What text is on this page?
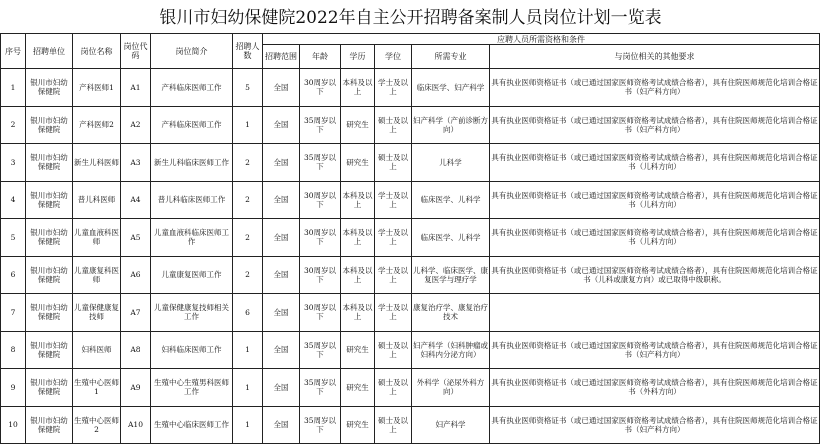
银川市妇幼保健院2022年自主公开招聘备案制人员岗位计划一览表
序号	招聘单位	岗位名称	岗位代码	岗位简介	招聘人数	应聘人员所需资格和条件					
						招聘范围	年龄	学历	学位	所需专业	与岗位相关的其他要求
1	银川市妇幼保健院	产科医师1	A1	产科临床医师工作	5	全国	30周岁以下	本科及以上	学士及以上	临床医学、妇产科学	具有执业医师资格证书（或已通过国家医师资格考试成绩合格者），具有住院医师规范化培训合格证书（妇产科方向）
2	银川市妇幼保健院	产科医师2	A2	产科临床医师工作	1	全国	35周岁以下	研究生	硕士及以上	妇产科学（产前诊断方向）	具有执业医师资格证书（或已通过国家医师资格考试成绩合格者），具有住院医师规范化培训合格证书（妇产科方向）
3	银川市妇幼保健院	新生儿科医师	A3	新生儿科临床医师工作	2	全国	35周岁以下	研究生	硕士及以上	儿科学	具有执业医师资格证书（或已通过国家医师资格考试成绩合格者），具有住院医师规范化培训合格证书（儿科方向）
4	银川市妇幼保健院	普儿科医师	A4	普儿科临床医师工作	2	全国	30周岁以下	本科及以上	学士及以上	临床医学、儿科学	具有执业医师资格证书（或已通过国家医师资格考试成绩合格者），具有住院医师规范化培训合格证书（儿科方向）
5	银川市妇幼保健院	儿童血液科医师	A5	儿童血液科临床医师工作	2	全国	30周岁以下	本科及以上	学士及以上	临床医学、儿科学	具有执业医师资格证书（或已通过国家医师资格考试成绩合格者），具有住院医师规范化培训合格证书（儿科方向）
6	银川市妇幼保健院	儿童康复科医师	A6	儿童康复医师工作	2	全国	30周岁以下	本科及以上	学士及以上	儿科学、临床医学、康复医学与理疗学	具有执业医师资格证书（或已通过国家医师资格考试成绩合格者），具有住院医师规范化培训合格证书（儿科或康复方向）或已取得中级职称。
7	银川市妇幼保健院	儿童保健康复技师	A7	儿童保健康复技师相关工作	6	全国	30周岁以下	本科及以上	学士及以上	康复治疗学、康复治疗技术	
8	银川市妇幼保健院	妇科医师	A8	妇科临床医师工作	1	全国	35周岁以下	研究生	硕士及以上	妇产科学（妇科肿瘤或妇科内分泌方向）	具有执业医师资格证书（或已通过国家医师资格考试成绩合格者），具有住院医师规范化培训合格证书（妇产科方向）
9	银川市妇幼保健院	生殖中心医师1	A9	生殖中心生殖男科医师工作	1	全国	35周岁以下	研究生	硕士及以上	外科学（泌尿外科方向）	具有执业医师资格证书（或已通过国家医师资格考试成绩合格者），具有住院医师规范化培训合格证书（外科方向）
10	银川市妇幼保健院	生殖中心医师2	A10	生殖中心临床医师工作	1	全国	35周岁以下	研究生	硕士及以上	妇产科学	具有执业医师资格证书（或已通过国家医师资格考试成绩合格者），具有住院医师规范化培训合格证书（妇产科方向）
